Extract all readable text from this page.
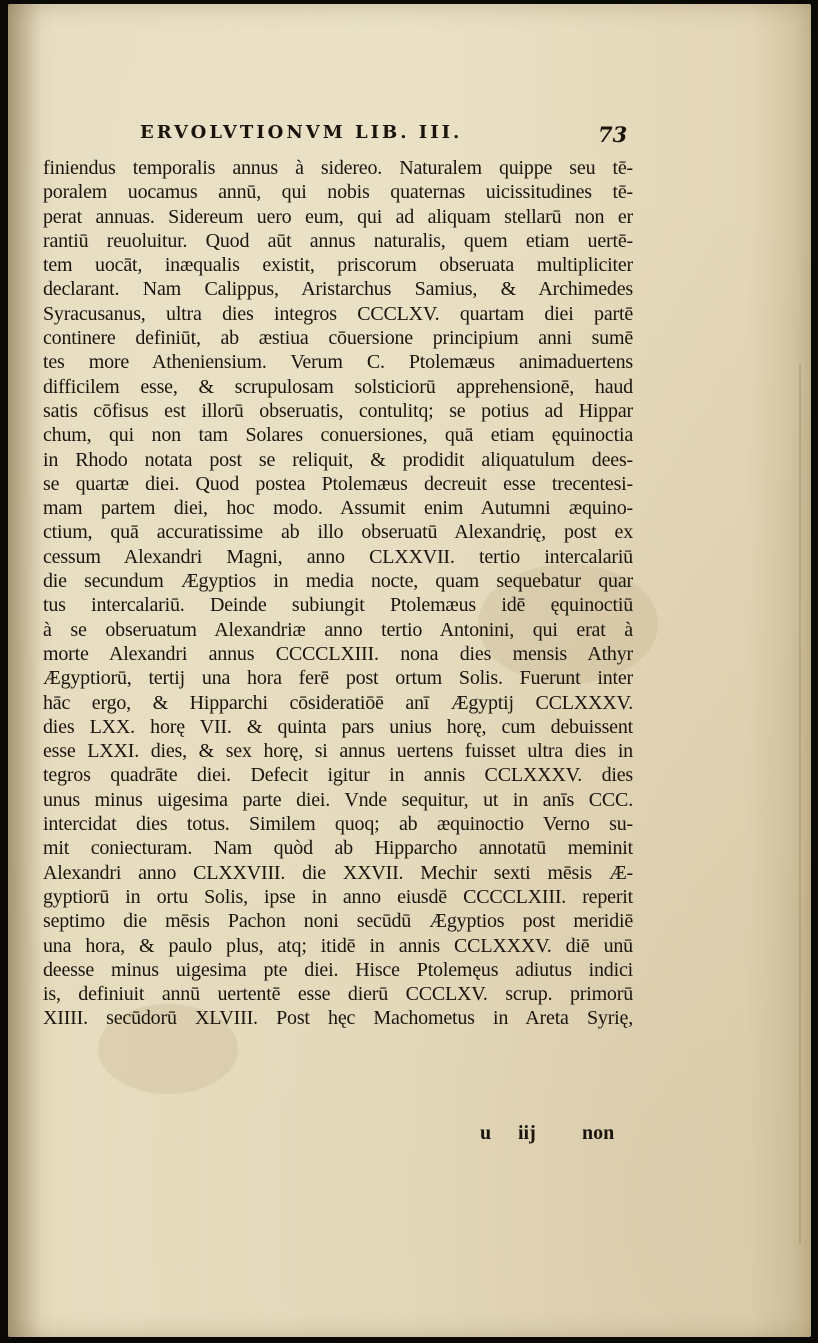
ERVOLVTIONVM LIB. III.	73
finiendus temporalis annus à sidereo. Naturalem quippe seu tē-
poralem uocamus annū, qui nobis quaternas uicissitudines tē-
perat annuas. Sidereum uero eum, qui ad aliquam stellarū non er
rantiū reuoluitur. Quod aūt annus naturalis, quem etiam uertē-
tem uocāt, inæqualis existit, priscorum obseruata multipliciter
declarant. Nam Calippus, Aristarchus Samius, & Archimedes
Syracusanus, ultra dies integros CCCLXV. quartam diei partē
continere definiūt, ab æstiua cōuersione principium anni sumē
tes more Atheniensium. Verum C. Ptolemæus animaduertens
difficilem esse, & scrupulosam solsticiorū apprehensionē, haud
satis cōfisus est illorū obseruatis, contulitq; se potius ad Hippar
chum, qui non tam Solares conuersiones, quā etiam ęquinoctia
in Rhodo notata post se reliquit, & prodidit aliquatulum dees-
se quartæ diei. Quod postea Ptolemæus decreuit esse trecentesi-
mam partem diei, hoc modo. Assumit enim Autumni æquino-
ctium, quā accuratissime ab illo obseruatū Alexandrię, post ex
cessum Alexandri Magni, anno CLXXVII. tertio intercalariū
die secundum Ægyptios in media nocte, quam sequebatur quar
tus intercalariū. Deinde subiungit Ptolemæus idē ęquinoctiū
à se obseruatum Alexandriæ anno tertio Antonini, qui erat à
morte Alexandri annus CCCCLXIII. nona dies mensis Athyr
Ægyptiorū, tertij una hora ferē post ortum Solis. Fuerunt inter
hāc ergo, & Hipparchi cōsideratiōē anī Ægyptij CCLXXXV.
dies LXX. horę VII. & quinta pars unius horę, cum debuissent
esse LXXI. dies, & sex horę, si annus uertens fuisset ultra dies in
tegros quadrāte diei. Defecit igitur in annis CCLXXXV. dies
unus minus uigesima parte diei. Vnde sequitur, ut in anīs CCC.
intercidat dies totus. Similem quoq; ab æquinoctio Verno su-
mit coniecturam. Nam quòd ab Hipparcho annotatū meminit
Alexandri anno CLXXVIII. die XXVII. Mechir sexti mēsis Æ-
gyptiorū in ortu Solis, ipse in anno eiusdē CCCCLXIII. reperit
septimo die mēsis Pachon noni secūdū Ægyptios post meridiē
una hora, & paulo plus, atq; itidē in annis CCLXXXV. diē unū
deesse minus uigesima pte diei. Hisce Ptolemęus adiutus indici
is, definiuit annū uertentē esse dierū CCCLXV. scrup. primorū
XIIII. secūdorū XLVIII. Post hęc Machometus in Areta Syrię,
u iij non
